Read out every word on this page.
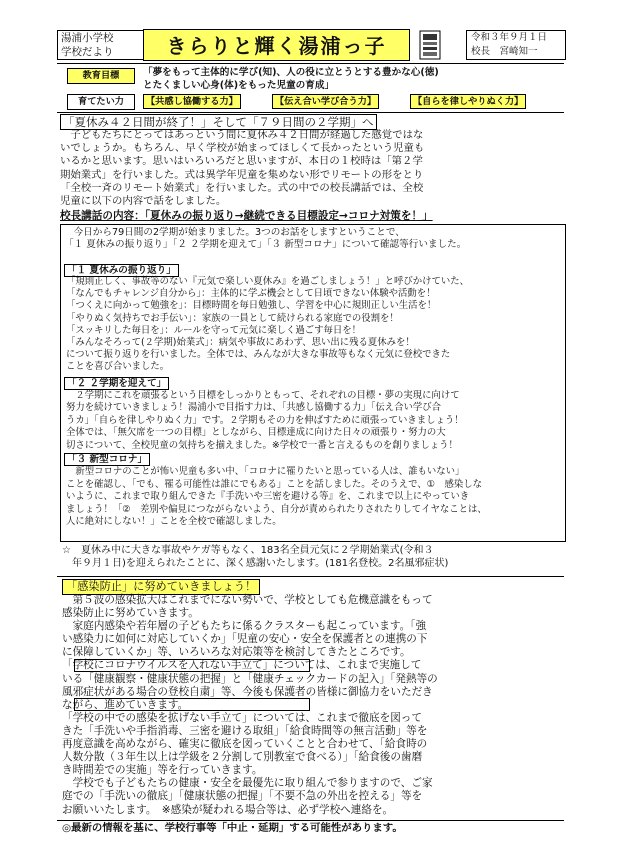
湯浦小学校
学校だより	きらりと輝く湯浦っ子	令和３年９月１日
校長　宮崎知一
教育目標	「夢をもって主体的に学び(知)、人の役に立とうとする豊かな心(徳)
とたくましい心身(体)をもった児童の育成」
育てたい力	【共感し協働する力】	【伝え合い学び合う力】	【自らを律しやりぬく力】
「夏休み４２日間が終了！」そして「７９日間の２学期」へ
　子どもたちにとってはあっという間に夏休み４２日間が経過した感覚ではな
いでしょうか。もちろん、早く学校が始まってほしくて長かったという児童も
いるかと思います。思いはいろいろだと思いますが、本日の１校時は「第２学
期始業式」を行いました。式は異学年児童を集めない形でリモートの形をとり
「全校一斉のリモート始業式」を行いました。式の中での校長講話では、全校
児童に以下の内容で話をしました。
校長講話の内容：「夏休みの振り返り→継続できる目標設定→コロナ対策を！」
　今日から79日間の2学期が始まりました。3つのお話をしますということで、
「１ 夏休みの振り返り」「２ ２学期を迎えて」「３ 新型コロナ」について確認等行いました。
「１ 夏休みの振り返り」
「規則正しく、事故等のない『元気で楽しい夏休み』を過ごしましょう！」と呼びかけていた、
「なんでもチャレンジ自分から」：主体的に学ぶ機会として日頃できない体験や活動を！
「つくえに向かって勉強を」：目標時間を毎日勉強し、学習を中心に規則正しい生活を！
「やりぬく気持ちでお手伝い」：家族の一員として続けられる家庭での役割を！
「スッキリした毎日を」：ルールを守って元気に楽しく過ごす毎日を！
「みんなそろって(２学期)始業式」：病気や事故にあわず、思い出に残る夏休みを！
について振り返りを行いました。全体では、みんなが大きな事故等もなく元気に登校できた
ことを喜び合いました。
「２ ２学期を迎えて」
　２学期にこれを頑張るという目標をしっかりともって、それぞれの目標・夢の実現に向けて
努力を続けていきましょう！湯浦小で目指す力は、「共感し協働する力」「伝え合い学び合
うカ」「自らを律しやりぬく力」です。２学期もその力を伸ばすために頑張っていきましょう！
全体では、「無欠席を一つの目標」としながら、目標達成に向けた日々の頑張り・努力の大
切さについて、全校児童の気持ちを揃えました。※学校で一番と言えるものを創りましょう！
「３ 新型コロナ」
　新型コロナのことが怖い児童も多い中、「コロナに罹りたいと思っている人は、誰もいない」
ことを確認し、「でも、罹る可能性は誰にでもある」ことを話しました。そのうえで、①　感染しな
いように、これまで取り組んできた『手洗いや三密を避ける等』を、これまで以上にやっていき
ましょう！「②　差別や偏見につながらないよう、自分が責められたりされたりしてイヤなことは、
人に絶対にしない！」ことを全校で確認しました。
☆　夏休み中に大きな事故やケガ等もなく、183名全員元気に２学期始業式(令和３
　年９月１日)を迎えられたことに、深く感謝いたします。(181名登校。2名風邪症状)
「感染防止」に努めていきましょう！
　第５波の感染拡大はこれまでにない勢いで、学校としても危機意識をもって
感染防止に努めていきます。
　家庭内感染や若年層の子どもたちに係るクラスターも起こっています。「強
い感染力に如何に対応していくか」「児童の安心・安全を保護者との連携の下
に保障していくか」等、いろいろな対応策等を検討してきたところです。
「学校にコロナウイルスを入れない手立て」については、これまで実施して
いる「健康観察・健康状態の把握」と「健康チェックカードの記入」「発熱等の
風邪症状がある場合の登校自粛」等、今後も保護者の皆様に御協力をいただき
ながら、進めていきます。
「学校の中での感染を拡げない手立て」については、これまで徹底を図って
きた「手洗いや手指消毒、三密を避ける取組」「給食時間等の無言活動」等を
再度意識を高めながら、確実に徹底を図っていくことと合わせて、「給食時の
人数分散（３年生以上は学級を２分割して別教室で食べる）」「給食後の歯磨
き時間差での実施」等を行っていきます。
　学校でも子どもたちの健康・安全を最優先に取り組んで参りますので、ご家
庭での「手洗いの徹底」「健康状態の把握」「不要不急の外出を控える」等を
お願いいたします。　※感染が疑われる場合等は、必ず学校へ連絡を。
◎最新の情報を基に、学校行事等「中止・延期」する可能性があります。
